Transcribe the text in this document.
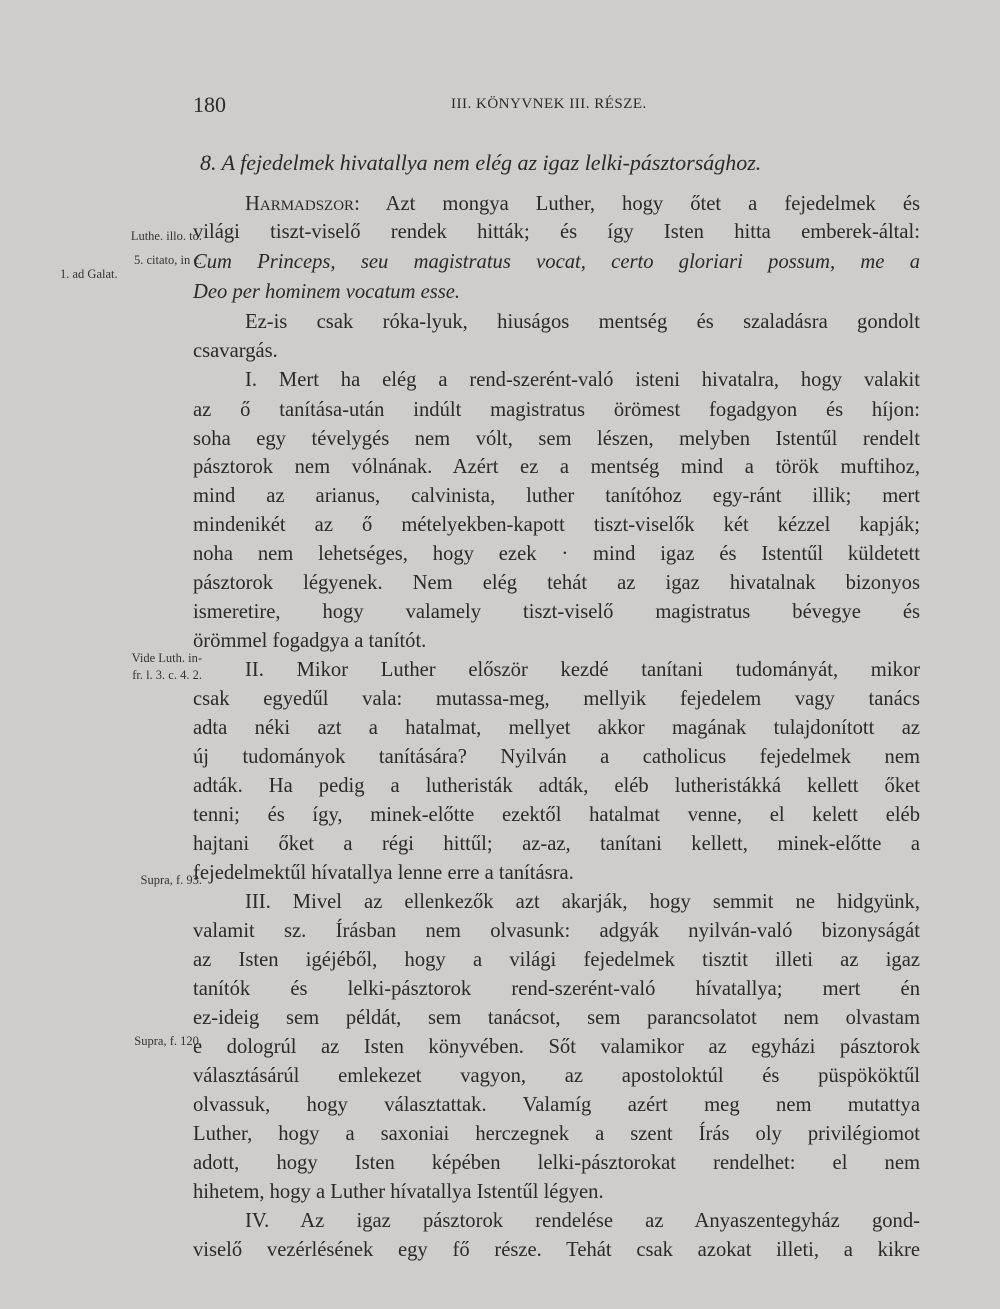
180	III. KÖNYVNEK III. RÉSZE.
8. A fejedelmek hivatallya nem elég az igaz lelki-pásztorsághoz.
HARMADSZOR: Azt mongya Luther, hogy őtet a fejedelmek és
világi tiszt-viselő rendek hitták; és így Isten hitta emberek-által:
Cum Princeps, seu magistratus vocat, certo gloriari possum, me a
Deo per hominem vocatum esse.
Ez-is csak róka-lyuk, hiuságos mentség és szaladásra gondolt
csavargás.
I. Mert ha elég a rend-szerént-való isteni hivatalra, hogy valakit
az ő tanítása-után indúlt magistratus örömest fogadgyon és híjon:
soha egy tévelygés nem vólt, sem lészen, melyben Istentűl rendelt
pásztorok nem vólnának. Azért ez a mentség mind a török muftihoz,
mind az arianus, calvinista, luther tanítóhoz egy-ránt illik; mert
mindenikét az ő mételyekben-kapott tiszt-viselők két kézzel kapják;
noha nem lehetséges, hogy ezek · mind igaz és Istentűl küldetett
pásztorok légyenek. Nem elég tehát az igaz hivatalnak bizonyos
ismeretire, hogy valamely tiszt-viselő magistratus bévegye és
örömmel fogadgya a tanítót.
II. Mikor Luther először kezdé tanítani tudományát, mikor
csak egyedűl vala: mutassa-meg, mellyik fejedelem vagy tanács
adta néki azt a hatalmat, mellyet akkor magának tulajdonított az
új tudományok tanítására? Nyilván a catholicus fejedelmek nem
adták. Ha pedig a lutheristák adták, eléb lutheristákká kellett őket
tenni; és így, minek-előtte ezektől hatalmat venne, el kelett eléb
hajtani őket a régi hittűl; az-az, tanítani kellett, minek-előtte a
fejedelmektűl hívatallya lenne erre a tanításra.
III. Mivel az ellenkezők azt akarják, hogy semmit ne hidgyünk,
valamit sz. Írásban nem olvasunk: adgyák nyilván-való bizonyságát
az Isten igéjéből, hogy a világi fejedelmek tisztit illeti az igaz
tanítók és lelki-pásztorok rend-szerént-való hívatallya; mert én
ez-ideig sem példát, sem tanácsot, sem parancsolatot nem olvastam
e dologrúl az Isten könyvében. Sőt valamikor az egyházi pásztorok
választásárúl emlekezet vagyon, az apostoloktúl és püspököktűl
olvassuk, hogy választattak. Valamíg azért meg nem mutattya
Luther, hogy a saxoniai herczegnek a szent Írás oly privilégiomot
adott, hogy Isten képében lelki-pásztorokat rendelhet: el nem
hihetem, hogy a Luther hívatallya Istentűl légyen.
IV. Az igaz pásztorok rendelése az Anyaszentegyház gond-
viselő vezérlésének egy fő része. Tehát csak azokat illeti, a kikre
Luthe. illo. to.
5. citato, in c.
1. ad Galat.
Vide Luth. in-
fr. l. 3. c. 4. 2.
Supra, f. 93.
Supra, f. 120.
